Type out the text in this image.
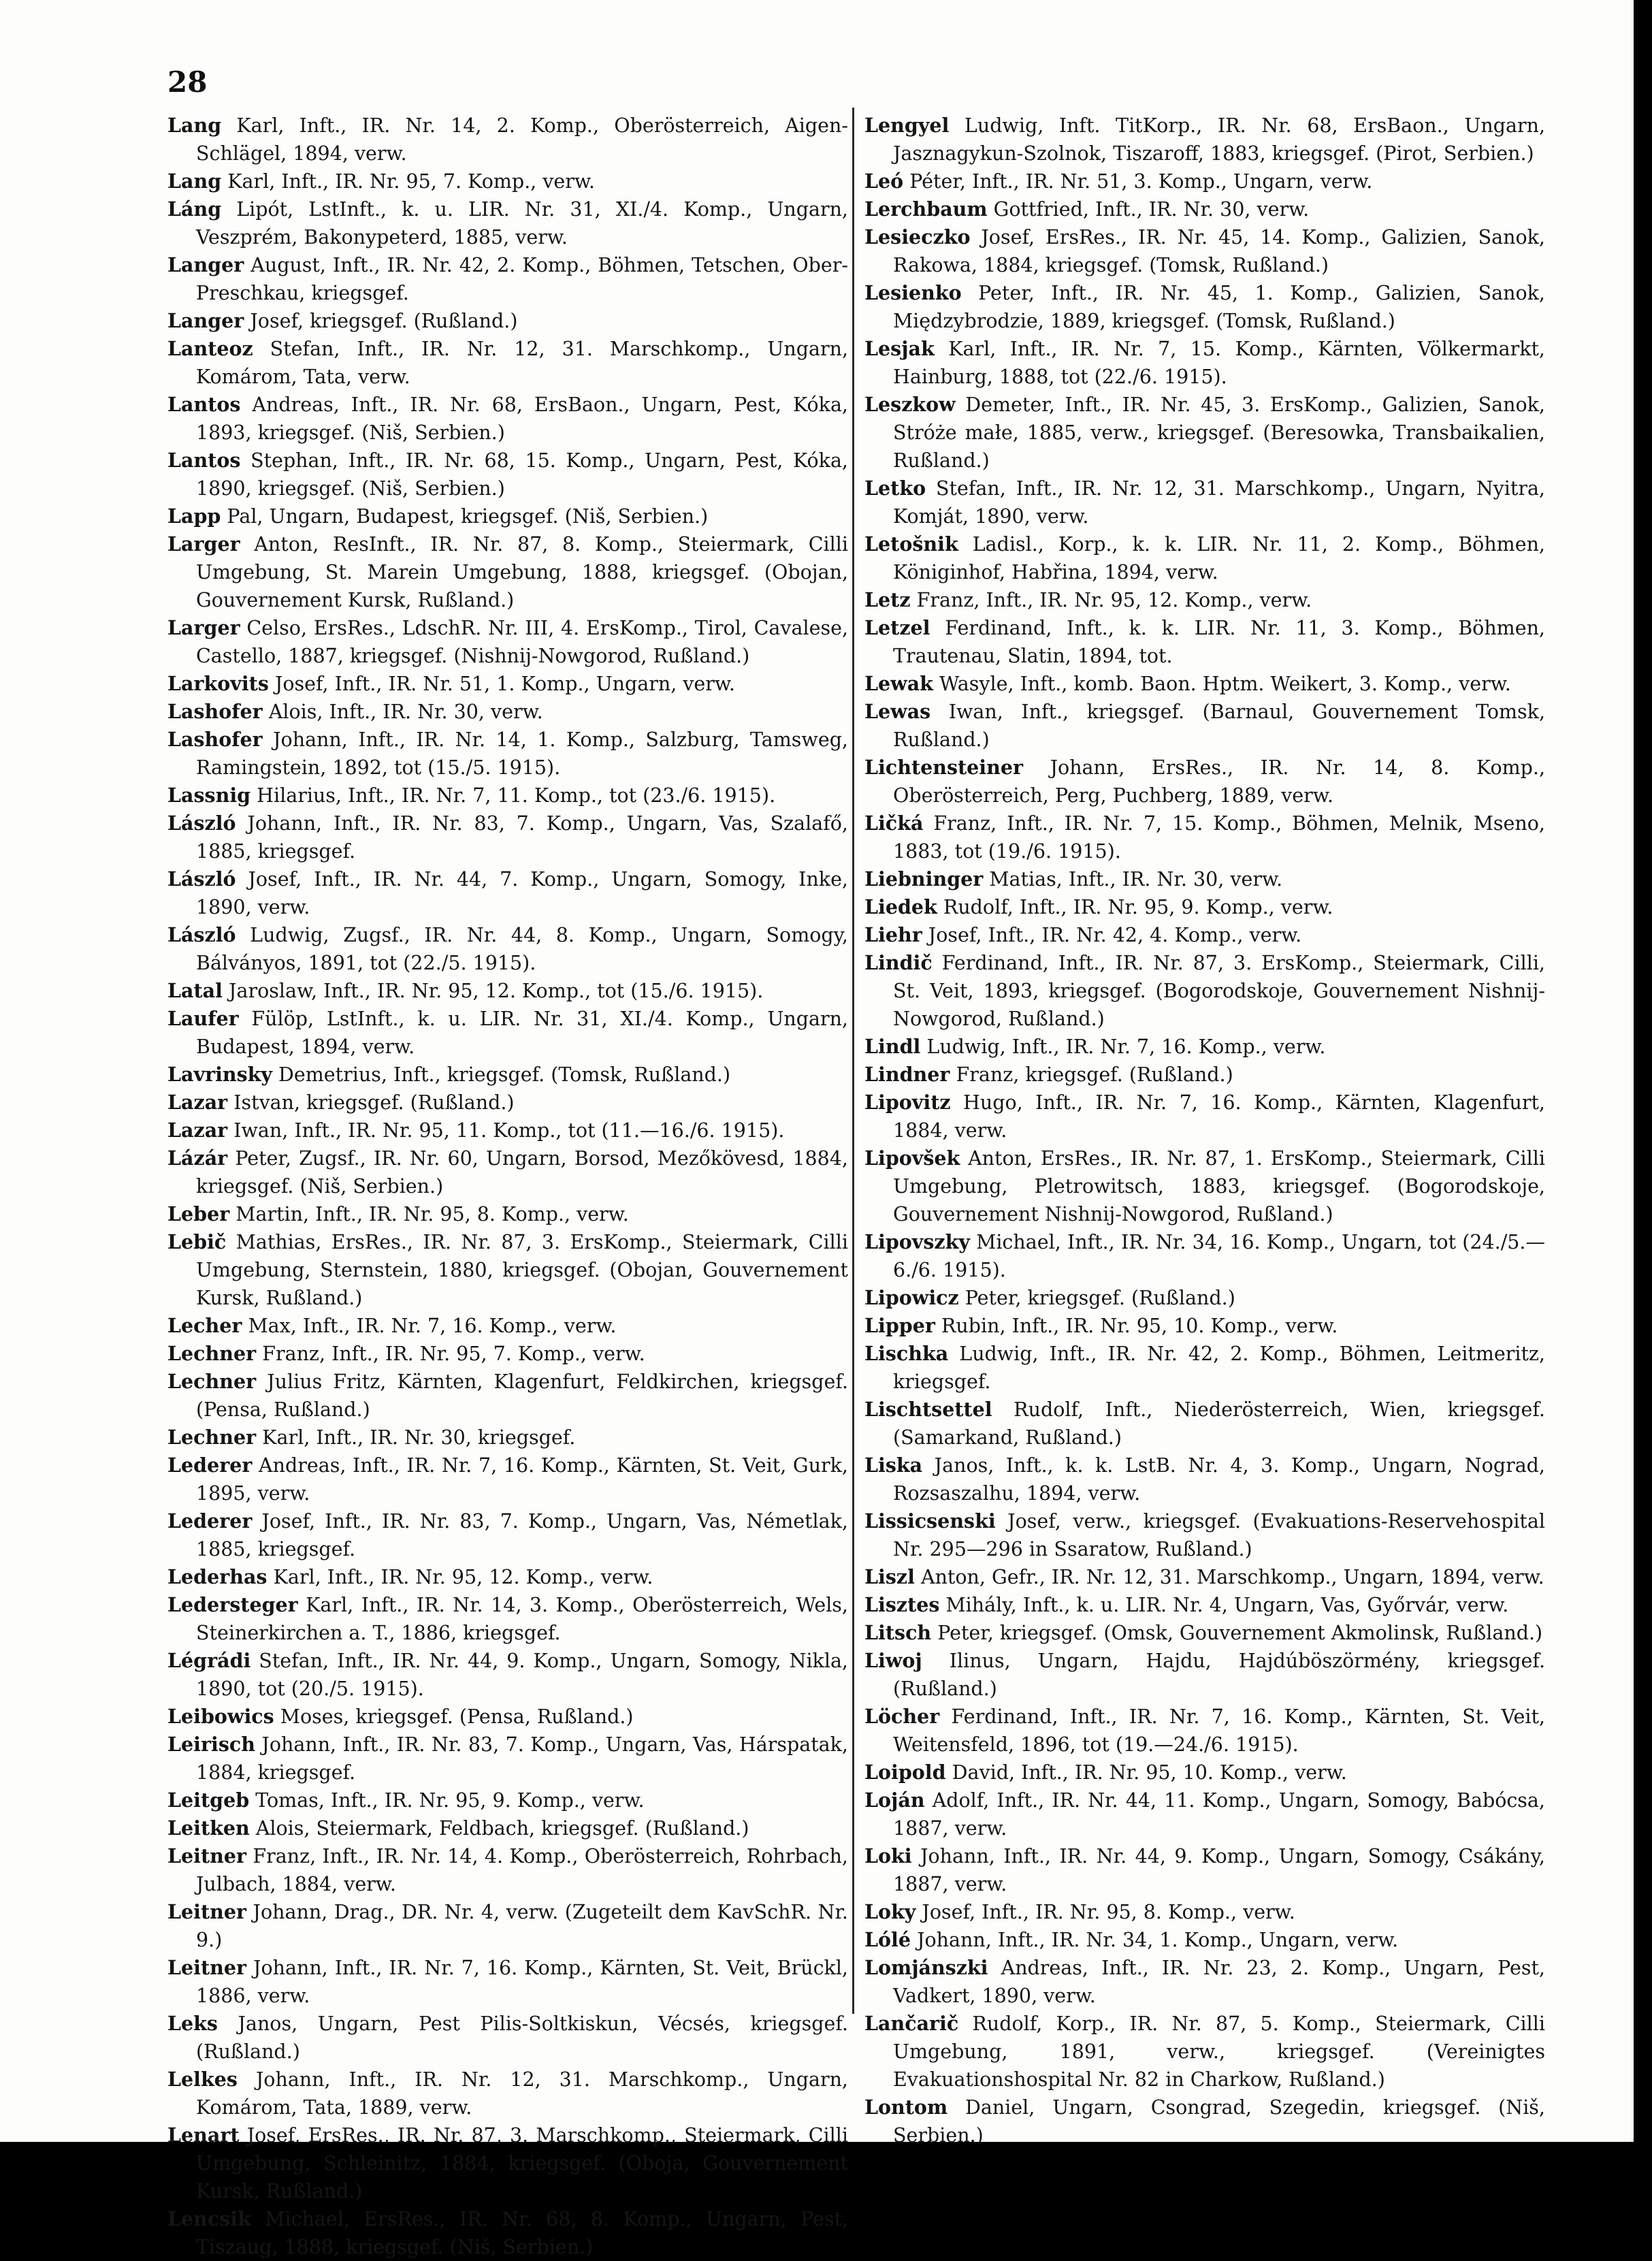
28

Lang Karl, Inft., IR. Nr. 14, 2. Komp., Oberösterreich, Aigen-Schlägel, 1894, verw.

Lang Karl, Inft., IR. Nr. 95, 7. Komp., verw.

Láng Lipót, LstInft., k. u. LIR. Nr. 31, XI./4. Komp., Ungarn, Veszprém, Bakonypeterd, 1885, verw.

Langer August, Inft., IR. Nr. 42, 2. Komp., Böhmen, Tetschen, Ober-Preschkau, kriegsgef.

Langer Josef, kriegsgef. (Rußland.)

Lanteoz Stefan, Inft., IR. Nr. 12, 31. Marschkomp., Ungarn, Komárom, Tata, verw.

Lantos Andreas, Inft., IR. Nr. 68, ErsBaon., Ungarn, Pest, Kóka, 1893, kriegsgef. (Niš, Serbien.)

Lantos Stephan, Inft., IR. Nr. 68, 15. Komp., Ungarn, Pest, Kóka, 1890, kriegsgef. (Niš, Serbien.)

Lapp Pal, Ungarn, Budapest, kriegsgef. (Niš, Serbien.)

Larger Anton, ResInft., IR. Nr. 87, 8. Komp., Steiermark, Cilli Umgebung, St. Marein Umgebung, 1888, kriegsgef. (Obojan, Gouvernement Kursk, Rußland.)

Larger Celso, ErsRes., LdschR. Nr. III, 4. ErsKomp., Tirol, Cavalese, Castello, 1887, kriegsgef. (Nishnij-Nowgorod, Rußland.)

Larkovits Josef, Inft., IR. Nr. 51, 1. Komp., Ungarn, verw.

Lashofer Alois, Inft., IR. Nr. 30, verw.

Lashofer Johann, Inft., IR. Nr. 14, 1. Komp., Salzburg, Tamsweg, Ramingstein, 1892, tot (15./5. 1915).

Lassnig Hilarius, Inft., IR. Nr. 7, 11. Komp., tot (23./6. 1915).

László Johann, Inft., IR. Nr. 83, 7. Komp., Ungarn, Vas, Szalafő, 1885, kriegsgef.

László Josef, Inft., IR. Nr. 44, 7. Komp., Ungarn, Somogy, Inke, 1890, verw.

László Ludwig, Zugsf., IR. Nr. 44, 8. Komp., Ungarn, Somogy, Bálványos, 1891, tot (22./5. 1915).

Latal Jaroslaw, Inft., IR. Nr. 95, 12. Komp., tot (15./6. 1915).

Laufer Fülöp, LstInft., k. u. LIR. Nr. 31, XI./4. Komp., Ungarn, Budapest, 1894, verw.

Lavrinsky Demetrius, Inft., kriegsgef. (Tomsk, Rußland.)

Lazar Istvan, kriegsgef. (Rußland.)

Lazar Iwan, Inft., IR. Nr. 95, 11. Komp., tot (11.—16./6. 1915).

Lázár Peter, Zugsf., IR. Nr. 60, Ungarn, Borsod, Mezőkövesd, 1884, kriegsgef. (Niš, Serbien.)

Leber Martin, Inft., IR. Nr. 95, 8. Komp., verw.

Lebič Mathias, ErsRes., IR. Nr. 87, 3. ErsKomp., Steiermark, Cilli Umgebung, Sternstein, 1880, kriegsgef. (Obojan, Gouvernement Kursk, Rußland.)

Lecher Max, Inft., IR. Nr. 7, 16. Komp., verw.

Lechner Franz, Inft., IR. Nr. 95, 7. Komp., verw.

Lechner Julius Fritz, Kärnten, Klagenfurt, Feldkirchen, kriegsgef. (Pensa, Rußland.)

Lechner Karl, Inft., IR. Nr. 30, kriegsgef.

Lederer Andreas, Inft., IR. Nr. 7, 16. Komp., Kärnten, St. Veit, Gurk, 1895, verw.

Lederer Josef, Inft., IR. Nr. 83, 7. Komp., Ungarn, Vas, Németlak, 1885, kriegsgef.

Lederhas Karl, Inft., IR. Nr. 95, 12. Komp., verw.

Ledersteger Karl, Inft., IR. Nr. 14, 3. Komp., Oberösterreich, Wels, Steinerkirchen a. T., 1886, kriegsgef.

Légrádi Stefan, Inft., IR. Nr. 44, 9. Komp., Ungarn, Somogy, Nikla, 1890, tot (20./5. 1915).

Leibowics Moses, kriegsgef. (Pensa, Rußland.)

Leirisch Johann, Inft., IR. Nr. 83, 7. Komp., Ungarn, Vas, Hárspatak, 1884, kriegsgef.

Leitgeb Tomas, Inft., IR. Nr. 95, 9. Komp., verw.

Leitken Alois, Steiermark, Feldbach, kriegsgef. (Rußland.)

Leitner Franz, Inft., IR. Nr. 14, 4. Komp., Oberösterreich, Rohrbach, Julbach, 1884, verw.

Leitner Johann, Drag., DR. Nr. 4, verw. (Zugeteilt dem KavSchR. Nr. 9.)

Leitner Johann, Inft., IR. Nr. 7, 16. Komp., Kärnten, St. Veit, Brückl, 1886, verw.

Leks Janos, Ungarn, Pest Pilis-Soltkiskun, Vécsés, kriegsgef. (Rußland.)

Lelkes Johann, Inft., IR. Nr. 12, 31. Marschkomp., Ungarn, Komárom, Tata, 1889, verw.

Lenart Josef, ErsRes., IR. Nr. 87, 3. Marschkomp., Steiermark, Cilli Umgebung, Schleinitz, 1884, kriegsgef. (Oboja, Gouvernement Kursk, Rußland.)

Lencsik Michael, ErsRes., IR. Nr. 68, 8. Komp., Ungarn, Pest, Tiszaug, 1888, kriegsgef. (Niš, Serbien.)

Lengyel Ludwig, Inft. TitKorp., IR. Nr. 68, ErsBaon., Ungarn, Jasznagykun-Szolnok, Tiszaroff, 1883, kriegsgef. (Pirot, Serbien.)

Leó Péter, Inft., IR. Nr. 51, 3. Komp., Ungarn, verw.

Lerchbaum Gottfried, Inft., IR. Nr. 30, verw.

Lesieczko Josef, ErsRes., IR. Nr. 45, 14. Komp., Galizien, Sanok, Rakowa, 1884, kriegsgef. (Tomsk, Rußland.)

Lesienko Peter, Inft., IR. Nr. 45, 1. Komp., Galizien, Sanok, Międzybrodzie, 1889, kriegsgef. (Tomsk, Rußland.)

Lesjak Karl, Inft., IR. Nr. 7, 15. Komp., Kärnten, Völkermarkt, Hainburg, 1888, tot (22./6. 1915).

Leszkow Demeter, Inft., IR. Nr. 45, 3. ErsKomp., Galizien, Sanok, Stróże małe, 1885, verw., kriegsgef. (Beresowka, Transbaikalien, Rußland.)

Letko Stefan, Inft., IR. Nr. 12, 31. Marschkomp., Ungarn, Nyitra, Komját, 1890, verw.

Letošnik Ladisl., Korp., k. k. LIR. Nr. 11, 2. Komp., Böhmen, Königinhof, Habřina, 1894, verw.

Letz Franz, Inft., IR. Nr. 95, 12. Komp., verw.

Letzel Ferdinand, Inft., k. k. LIR. Nr. 11, 3. Komp., Böhmen, Trautenau, Slatin, 1894, tot.

Lewak Wasyle, Inft., komb. Baon. Hptm. Weikert, 3. Komp., verw.

Lewas Iwan, Inft., kriegsgef. (Barnaul, Gouvernement Tomsk, Rußland.)

Lichtensteiner Johann, ErsRes., IR. Nr. 14, 8. Komp., Oberösterreich, Perg, Puchberg, 1889, verw.

Ličká Franz, Inft., IR. Nr. 7, 15. Komp., Böhmen, Melnik, Mseno, 1883, tot (19./6. 1915).

Liebninger Matias, Inft., IR. Nr. 30, verw.

Liedek Rudolf, Inft., IR. Nr. 95, 9. Komp., verw.

Liehr Josef, Inft., IR. Nr. 42, 4. Komp., verw.

Lindič Ferdinand, Inft., IR. Nr. 87, 3. ErsKomp., Steiermark, Cilli, St. Veit, 1893, kriegsgef. (Bogorodskoje, Gouvernement Nishnij-Nowgorod, Rußland.)

Lindl Ludwig, Inft., IR. Nr. 7, 16. Komp., verw.

Lindner Franz, kriegsgef. (Rußland.)

Lipovitz Hugo, Inft., IR. Nr. 7, 16. Komp., Kärnten, Klagenfurt, 1884, verw.

Lipovšek Anton, ErsRes., IR. Nr. 87, 1. ErsKomp., Steiermark, Cilli Umgebung, Pletrowitsch, 1883, kriegsgef. (Bogorodskoje, Gouvernement Nishnij-Nowgorod, Rußland.)

Lipovszky Michael, Inft., IR. Nr. 34, 16. Komp., Ungarn, tot (24./5.—6./6. 1915).

Lipowicz Peter, kriegsgef. (Rußland.)

Lipper Rubin, Inft., IR. Nr. 95, 10. Komp., verw.

Lischka Ludwig, Inft., IR. Nr. 42, 2. Komp., Böhmen, Leitmeritz, kriegsgef.

Lischtsettel Rudolf, Inft., Niederösterreich, Wien, kriegsgef. (Samarkand, Rußland.)

Liska Janos, Inft., k. k. LstB. Nr. 4, 3. Komp., Ungarn, Nograd, Rozsaszalhu, 1894, verw.

Lissicsenski Josef, verw., kriegsgef. (Evakuations-Reservehospital Nr. 295—296 in Ssaratow, Rußland.)

Liszl Anton, Gefr., IR. Nr. 12, 31. Marschkomp., Ungarn, 1894, verw.

Lisztes Mihály, Inft., k. u. LIR. Nr. 4, Ungarn, Vas, Győrvár, verw.

Litsch Peter, kriegsgef. (Omsk, Gouvernement Akmolinsk, Rußland.)

Liwoj Ilinus, Ungarn, Hajdu, Hajdúböszörmény, kriegsgef. (Rußland.)

Löcher Ferdinand, Inft., IR. Nr. 7, 16. Komp., Kärnten, St. Veit, Weitensfeld, 1896, tot (19.—24./6. 1915).

Loipold David, Inft., IR. Nr. 95, 10. Komp., verw.

Loján Adolf, Inft., IR. Nr. 44, 11. Komp., Ungarn, Somogy, Babócsa, 1887, verw.

Loki Johann, Inft., IR. Nr. 44, 9. Komp., Ungarn, Somogy, Csákány, 1887, verw.

Loky Josef, Inft., IR. Nr. 95, 8. Komp., verw.

Lólé Johann, Inft., IR. Nr. 34, 1. Komp., Ungarn, verw.

Lomjánszki Andreas, Inft., IR. Nr. 23, 2. Komp., Ungarn, Pest, Vadkert, 1890, verw.

Lančarič Rudolf, Korp., IR. Nr. 87, 5. Komp., Steiermark, Cilli Umgebung, 1891, verw., kriegsgef. (Vereinigtes Evakuationshospital Nr. 82 in Charkow, Rußland.)

Lontom Daniel, Ungarn, Csongrad, Szegedin, kriegsgef. (Niš, Serbien.)
